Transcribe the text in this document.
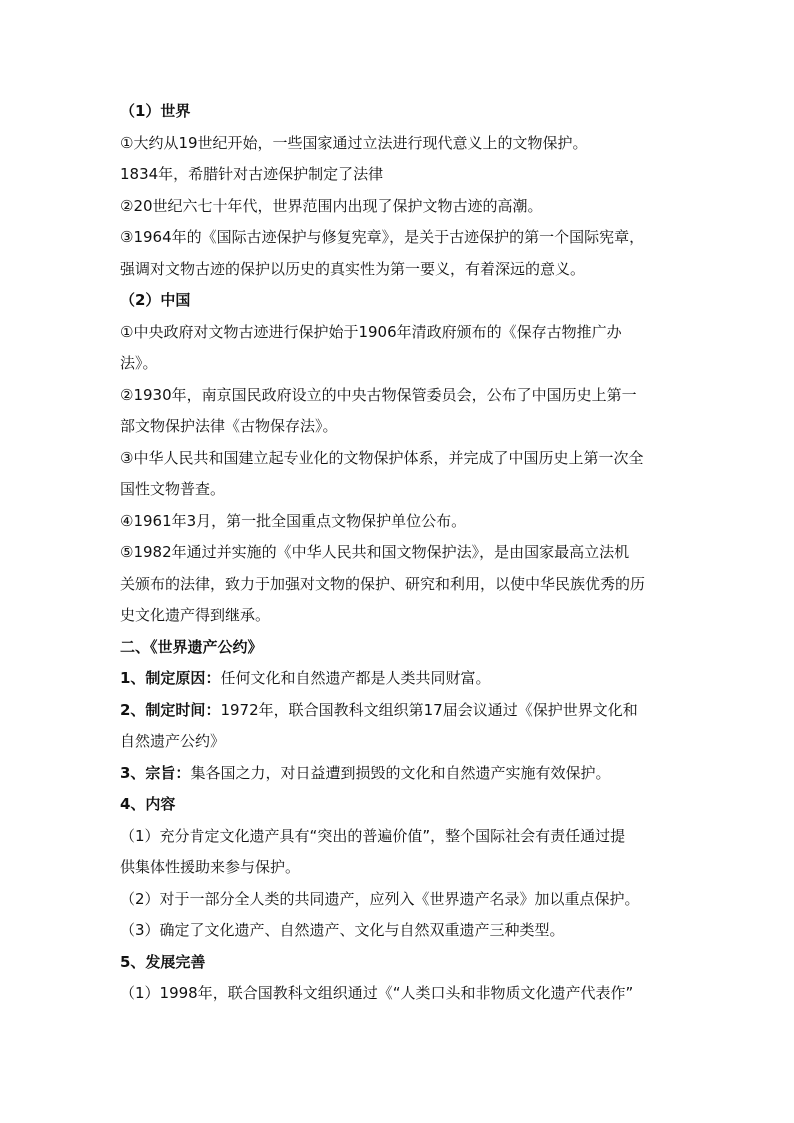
（1）世界
①大约从19世纪开始，一些国家通过立法进行现代意义上的文物保护。
1834年，希腊针对古迹保护制定了法律
②20世纪六七十年代，世界范围内出现了保护文物古迹的高潮。
③1964年的《国际古迹保护与修复宪章》，是关于古迹保护的第一个国际宪章，
强调对文物古迹的保护以历史的真实性为第一要义，有着深远的意义。
（2）中国
①中央政府对文物古迹进行保护始于1906年清政府颁布的《保存古物推广办
法》。
②1930年，南京国民政府设立的中央古物保管委员会，公布了中国历史上第一
部文物保护法律《古物保存法》。
③中华人民共和国建立起专业化的文物保护体系，并完成了中国历史上第一次全
国性文物普查。
④1961年3月，第一批全国重点文物保护单位公布。
⑤1982年通过并实施的《中华人民共和国文物保护法》，是由国家最高立法机
关颁布的法律，致力于加强对文物的保护、研究和利用，以使中华民族优秀的历
史文化遗产得到继承。
二、《世界遗产公约》
1、制定原因：任何文化和自然遗产都是人类共同财富。
2、制定时间：1972年，联合国教科文组织第17届会议通过《保护世界文化和
自然遗产公约》
3、宗旨：集各国之力，对日益遭到损毁的文化和自然遗产实施有效保护。
4、内容
（1）充分肯定文化遗产具有“突出的普遍价值”，整个国际社会有责任通过提
供集体性援助来参与保护。
（2）对于一部分全人类的共同遗产，应列入《世界遗产名录》加以重点保护。
（3）确定了文化遗产、自然遗产、文化与自然双重遗产三种类型。
5、发展完善
（1）1998年，联合国教科文组织通过《“人类口头和非物质文化遗产代表作”
